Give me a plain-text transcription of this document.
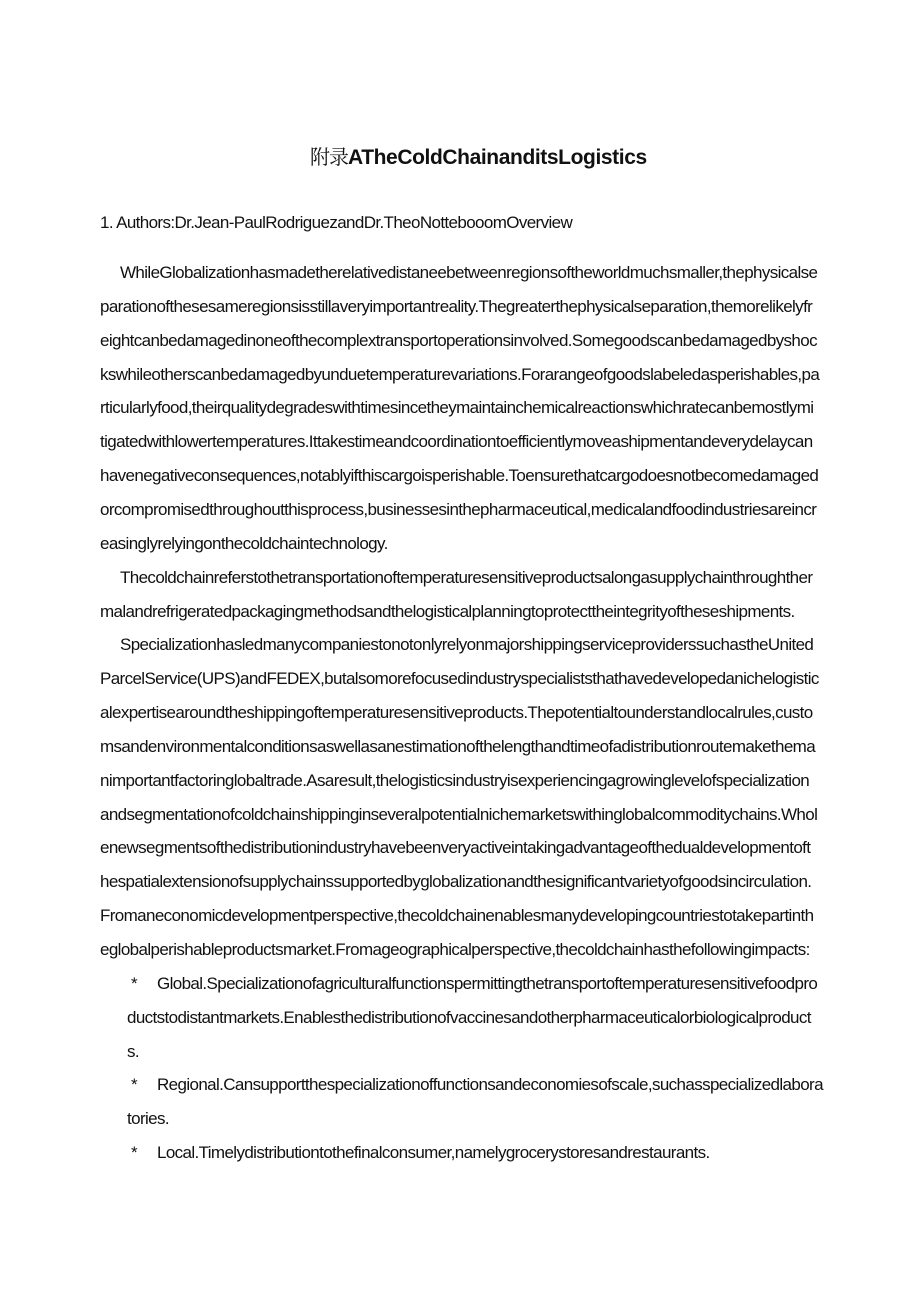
附录ATheColdChainanditsLogistics
1. Authors:Dr.Jean-PaulRodriguezandDr.TheoNottebooomOverview
WhileGlobalizationhasmadetherelativedistaneebetweenregionsoftheworldmuchsmaller,thephysicalse
parationofthesesameregionsisstillaveryimportantreality.Thegreaterthephysicalseparation,themorelikelyfr
eightcanbedamagedinoneofthecomplextransportoperationsinvolved.Somegoodscanbedamagedbyshoc
kswhileotherscanbedamagedbyunduetemperaturevariations.Forarangeofgoodslabeledasperishables,pa
rticularlyfood,theirqualitydegradeswithtimesincetheymaintainchemicalreactionswhichratecanbemostlymi
tigatedwithlowertemperatures.Ittakestimeandcoordinationtoefficientlymoveashipmentandeverydelaycan
havenegativeconsequences,notablyifthiscargoisperishable.Toensurethatcargodoesnotbecomedamaged
orcompromisedthroughoutthisprocess,businessesinthepharmaceutical,medicalandfoodindustriesareincr
easinglyrelyingonthecoldchaintechnology.
Thecoldchainreferstothetransportationoftemperaturesensitiveproductsalongasupplychainthroughther
malandrefrigeratedpackagingmethodsandthelogisticalplanningtoprotecttheintegrityoftheseshipments.
SpecializationhasledmanycompaniestonotonlyrelyonmajorshippingserviceproviderssuchastheUnited
ParcelService(UPS)andFEDEX,butalsomorefocusedindustryspecialiststhathavedevelopedanichelogistic
alexpertisearoundtheshippingoftemperaturesensitiveproducts.Thepotentialtounderstandlocalrules,custo
msandenvironmentalconditionsaswellasanestimationofthelengthandtimeofadistributionroutemakethema
nimportantfactoringlobaltrade.Asaresult,thelogisticsindustryisexperiencingagrowinglevelofspecialization
andsegmentationofcoldchainshippinginseveralpotentialnichemarketswithinglobalcommoditychains.Whol
enewsegmentsofthedistributionindustryhavebeenveryactiveintakingadvantageofthedualdevelopmentoft
hespatialextensionofsupplychainssupportedbyglobalizationandthesignificantvarietyofgoodsincirculation.
Fromaneconomicdevelopmentperspective,thecoldchainenablesmanydevelopingcountriestotakepartinth
eglobalperishableproductsmarket.Fromageographicalperspective,thecoldchainhasthefollowingimpacts:
* Global.Specializationofagriculturalfunctionspermittingthetransportoftemperaturesensitivefoodpro
ductstodistantmarkets.Enablesthedistributionofvaccinesandotherpharmaceuticalorbiologicalproduct
s.
* Regional.Cansupportthespecializationoffunctionsandeconomiesofscale,suchasspecializedlabora
tories.
* Local.Timelydistributiontothefinalconsumer,namelygrocerystoresandrestaurants.
